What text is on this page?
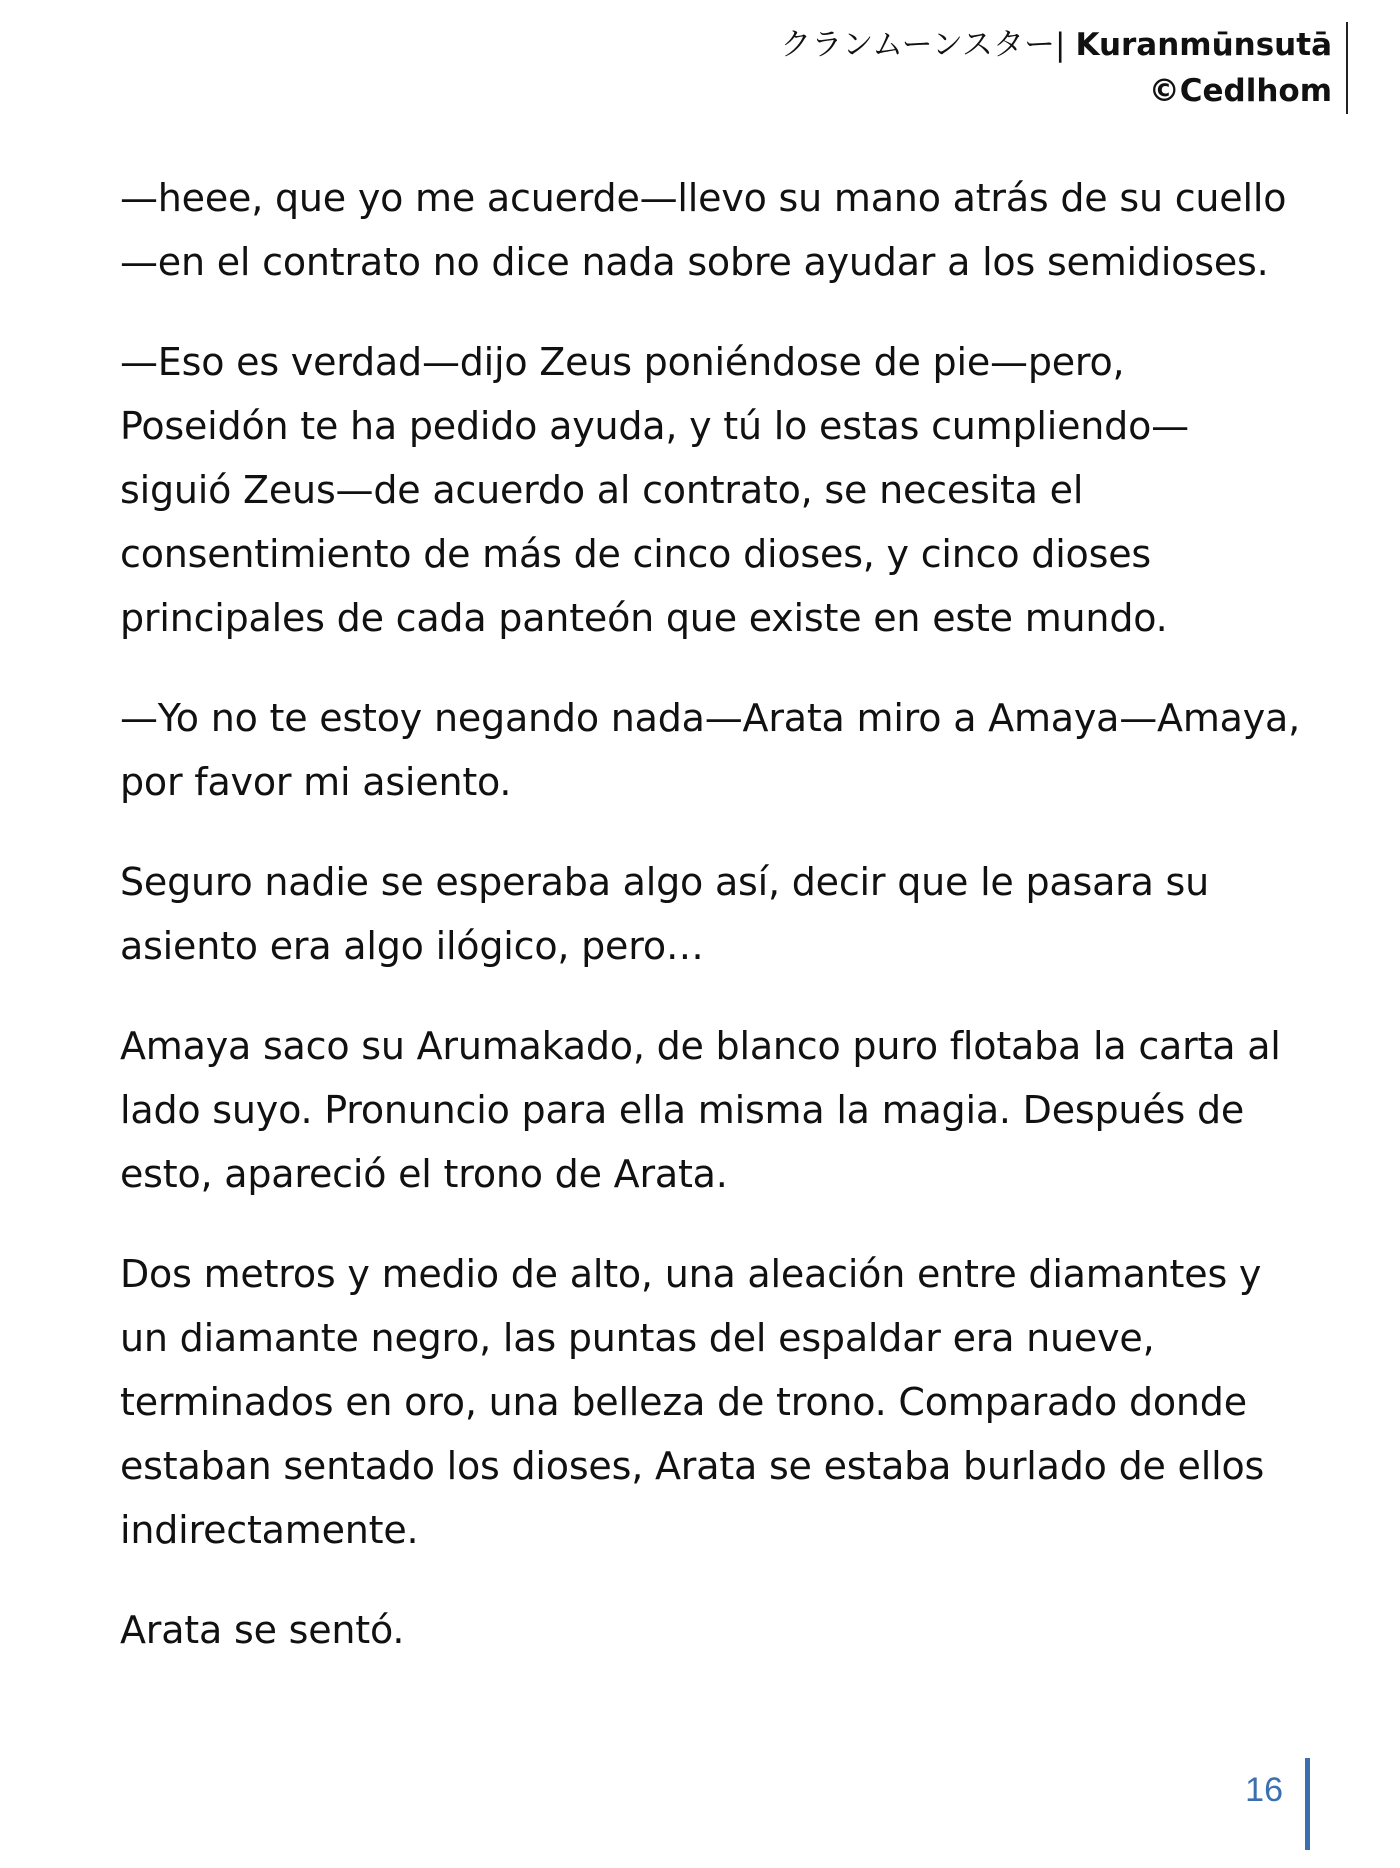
クランムーンスター| Kuranmūnsutā
©Cedlhom

—heee, que yo me acuerde—llevo su mano atrás de su cuello—en el contrato no dice nada sobre ayudar a los semidioses.

—Eso es verdad—dijo Zeus poniéndose de pie—pero, Poseidón te ha pedido ayuda, y tú lo estas cumpliendo—siguió Zeus—de acuerdo al contrato, se necesita el consentimiento de más de cinco dioses, y cinco dioses principales de cada panteón que existe en este mundo.

—Yo no te estoy negando nada—Arata miro a Amaya—Amaya, por favor mi asiento.

Seguro nadie se esperaba algo así, decir que le pasara su asiento era algo ilógico, pero…

Amaya saco su Arumakado, de blanco puro flotaba la carta al lado suyo. Pronuncio para ella misma la magia. Después de esto, apareció el trono de Arata.

Dos metros y medio de alto, una aleación entre diamantes y un diamante negro, las puntas del espaldar era nueve, terminados en oro, una belleza de trono. Comparado donde estaban sentado los dioses, Arata se estaba burlado de ellos indirectamente.

Arata se sentó.

16
